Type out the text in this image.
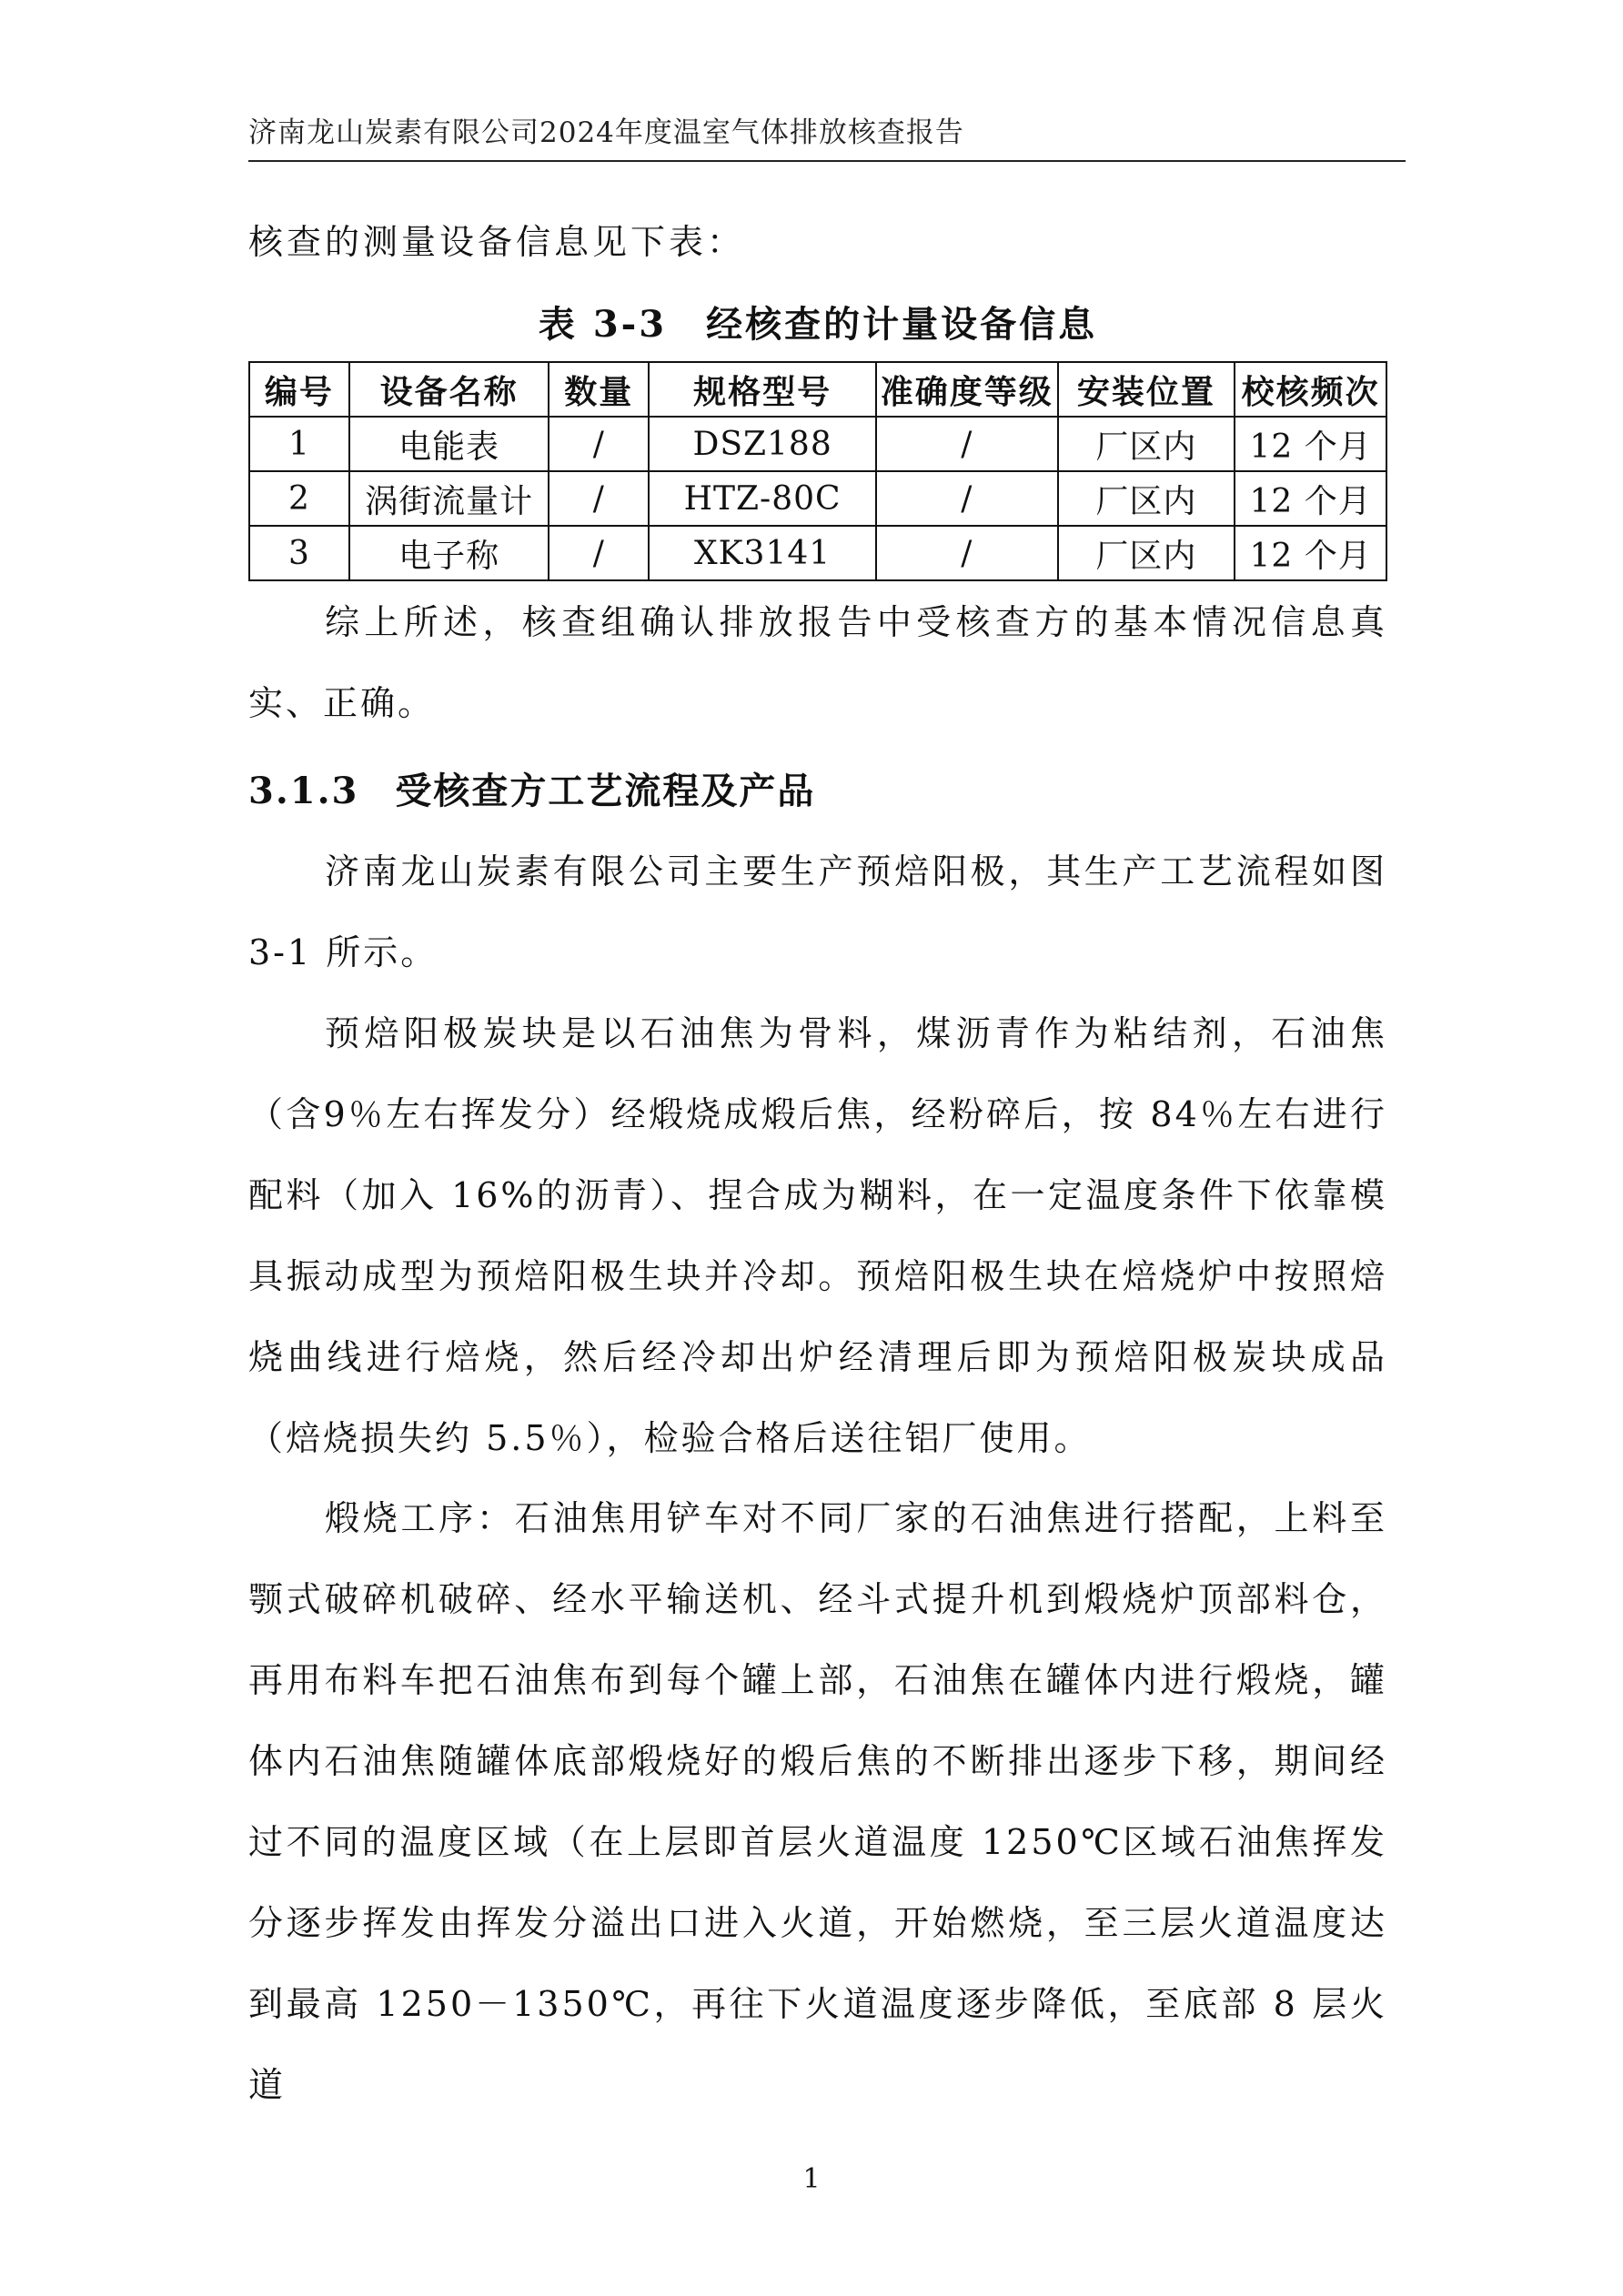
济南龙山炭素有限公司2024年度温室气体排放核查报告
核查的测量设备信息见下表：
表 3-3　经核查的计量设备信息
编号	设备名称	数量	规格型号	准确度等级	安装位置	校核频次
1	电能表	/	DSZ188	/	厂区内	12 个月
2	涡街流量计	/	HTZ-80C	/	厂区内	12 个月
3	电子称	/	XK3141	/	厂区内	12 个月

综上所述，核查组确认排放报告中受核查方的基本情况信息真实、正确。

3.1.3 受核查方工艺流程及产品

济南龙山炭素有限公司主要生产预焙阳极，其生产工艺流程如图3-1 所示。

预焙阳极炭块是以石油焦为骨料，煤沥青作为粘结剂，石油焦（含9％左右挥发分）经煅烧成煅后焦，经粉碎后，按 84％左右进行配料（加入 16%的沥青）、捏合成为糊料，在一定温度条件下依靠模具振动成型为预焙阳极生块并冷却。预焙阳极生块在焙烧炉中按照焙烧曲线进行焙烧，然后经冷却出炉经清理后即为预焙阳极炭块成品（焙烧损失约 5.5％），检验合格后送往铝厂使用。

煅烧工序：石油焦用铲车对不同厂家的石油焦进行搭配，上料至颚式破碎机破碎、经水平输送机、经斗式提升机到煅烧炉顶部料仓，再用布料车把石油焦布到每个罐上部，石油焦在罐体内进行煅烧，罐体内石油焦随罐体底部煅烧好的煅后焦的不断排出逐步下移，期间经过不同的温度区域（在上层即首层火道温度 1250℃区域石油焦挥发分逐步挥发由挥发分溢出口进入火道，开始燃烧，至三层火道温度达到最高 1250－1350℃，再往下火道温度逐步降低，至底部 8 层火道

1
